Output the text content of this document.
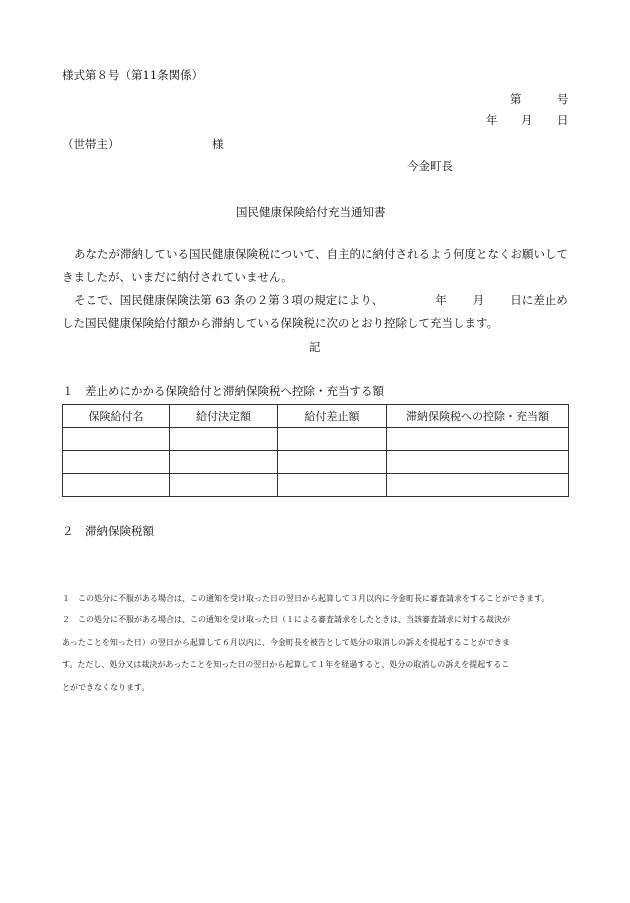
様式第８号（第11条関係）
第	号
年 月 日
（世帯主）	様
今金町長
国民健康保険給付充当通知書
あなたが滞納している国民健康保険税について、自主的に納付されるよう何度となくお願いしてきましたが、いまだに納付されていません。
そこで、国民健康保険法第 63 条の２第３項の規定により、	年 月 日に差止めした国民健康保険給付額から滞納している保険税に次のとおり控除して充当します。
記
１　差止めにかかる保険給付と滞納保険税へ控除・充当する額
保険給付名	給付決定額	給付差止額	滞納保険税への控除・充当額

２　滞納保険税額
１　この処分に不服がある場合は、この通知を受け取った日の翌日から起算して３月以内に今金町長に審査請求をすることができます。
２　この処分に不服がある場合は、この通知を受け取った日（１による審査請求をしたときは、当該審査請求に対する裁決が
あったことを知った日）の翌日から起算して６月以内に、今金町長を被告として処分の取消しの訴えを提起することができま
す。ただし、処分又は裁決があったことを知った日の翌日から起算して１年を経過すると、処分の取消しの訴えを提起するこ
とができなくなります。
